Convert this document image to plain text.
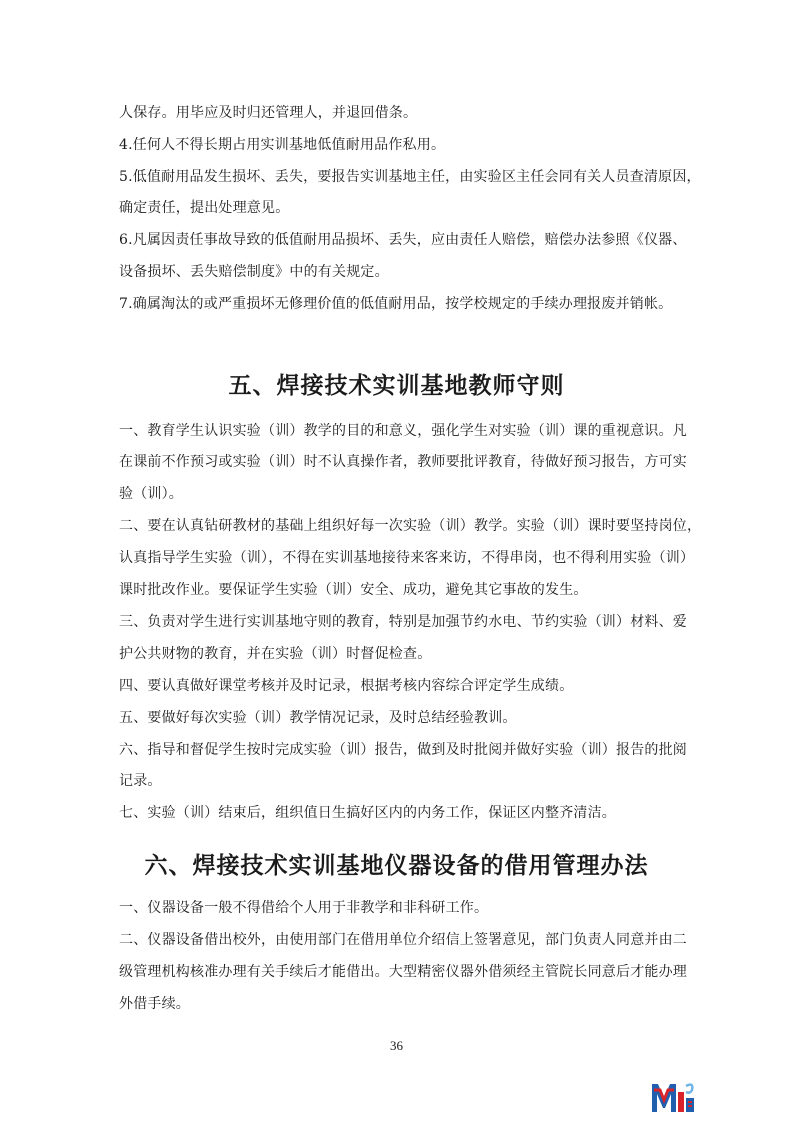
人保存。用毕应及时归还管理人，并退回借条。
4.任何人不得长期占用实训基地低值耐用品作私用。
5.低值耐用品发生损坏、丢失，要报告实训基地主任，由实验区主任会同有关人员查清原因，
确定责任，提出处理意见。
6.凡属因责任事故导致的低值耐用品损坏、丢失，应由责任人赔偿，赔偿办法参照《仪器、
设备损坏、丢失赔偿制度》中的有关规定。
7.确属淘汰的或严重损坏无修理价值的低值耐用品，按学校规定的手续办理报废并销帐。
五、焊接技术实训基地教师守则
一、教育学生认识实验（训）教学的目的和意义，强化学生对实验（训）课的重视意识。凡
在课前不作预习或实验（训）时不认真操作者，教师要批评教育，待做好预习报告，方可实
验（训）。
二、要在认真钻研教材的基础上组织好每一次实验（训）教学。实验（训）课时要坚持岗位，
认真指导学生实验（训），不得在实训基地接待来客来访，不得串岗，也不得利用实验（训）
课时批改作业。要保证学生实验（训）安全、成功，避免其它事故的发生。
三、负责对学生进行实训基地守则的教育，特别是加强节约水电、节约实验（训）材料、爱
护公共财物的教育，并在实验（训）时督促检查。
四、要认真做好课堂考核并及时记录，根据考核内容综合评定学生成绩。
五、要做好每次实验（训）教学情况记录，及时总结经验教训。
六、指导和督促学生按时完成实验（训）报告，做到及时批阅并做好实验（训）报告的批阅
记录。
七、实验（训）结束后，组织值日生搞好区内的内务工作，保证区内整齐清洁。
六、焊接技术实训基地仪器设备的借用管理办法
一、仪器设备一般不得借给个人用于非教学和非科研工作。
二、仪器设备借出校外，由使用部门在借用单位介绍信上签署意见，部门负责人同意并由二
级管理机构核准办理有关手续后才能借出。大型精密仪器外借须经主管院长同意后才能办理
外借手续。
36
